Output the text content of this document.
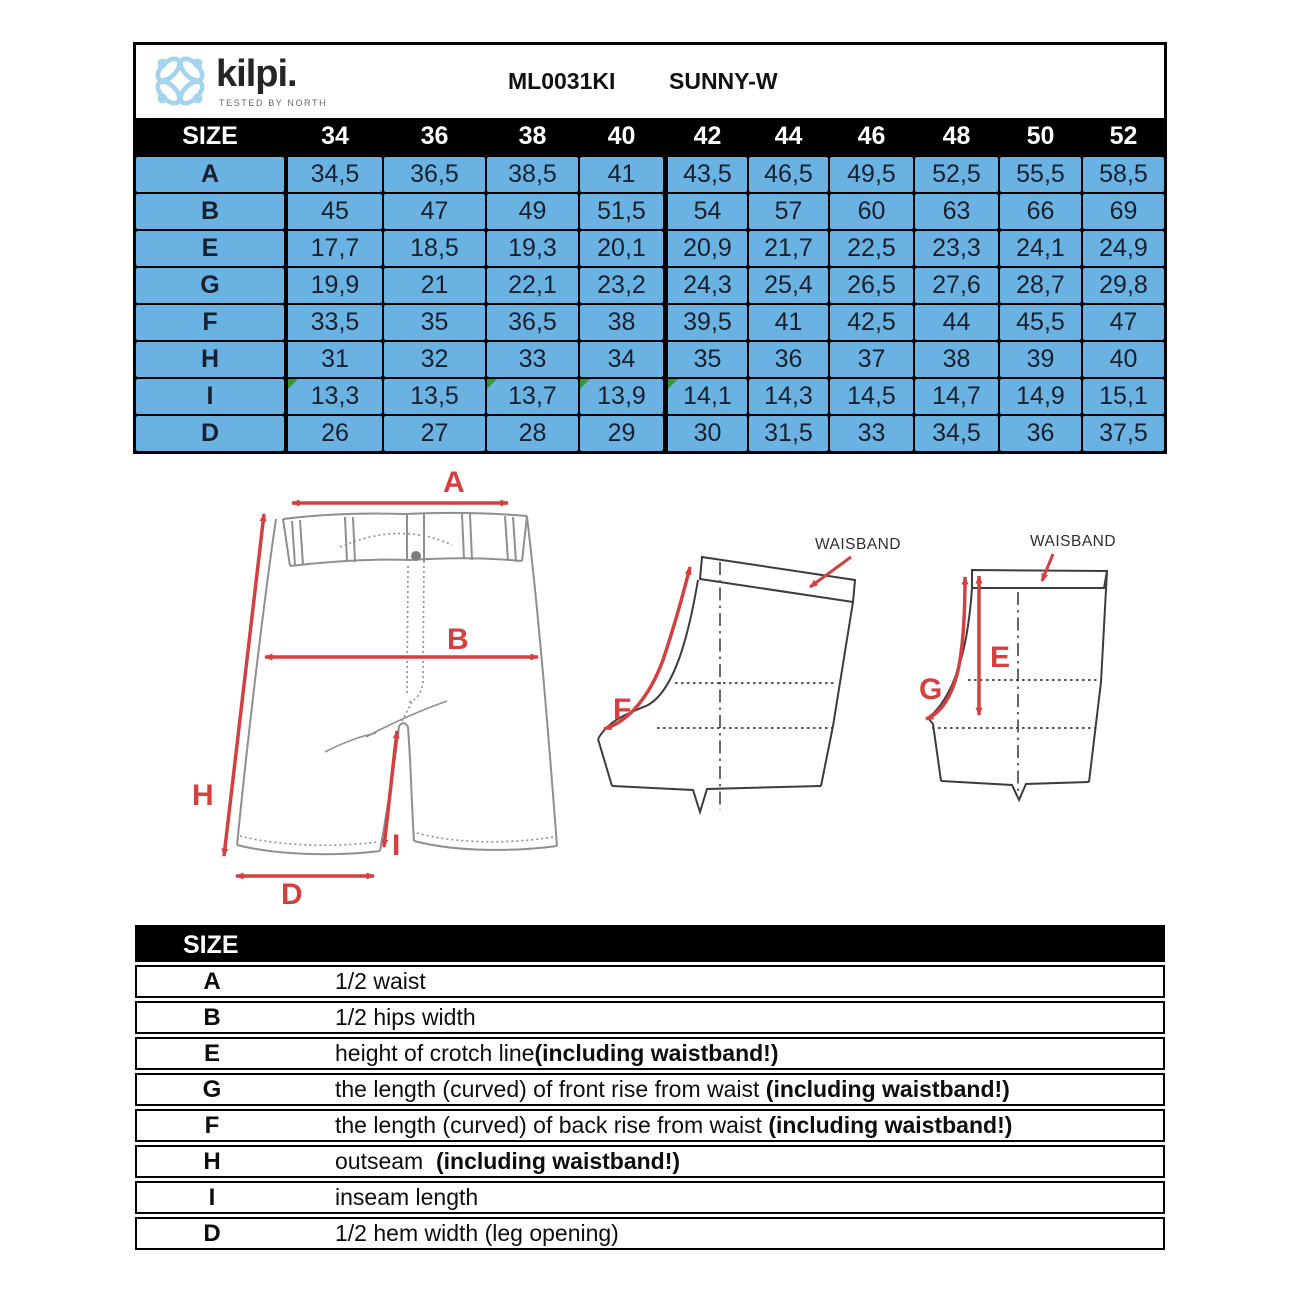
kilpi.
TESTED BY NORTH
ML0031KI SUNNY-W
SIZE	34	36	38	40	42	44	46	48	50	52
A	34,5	36,5	38,5	41	43,5	46,5	49,5	52,5	55,5	58,5
B	45	47	49	51,5	54	57	60	63	66	69
E	17,7	18,5	19,3	20,1	20,9	21,7	22,5	23,3	24,1	24,9
G	19,9	21	22,1	23,2	24,3	25,4	26,5	27,6	28,7	29,8
F	33,5	35	36,5	38	39,5	41	42,5	44	45,5	47
H	31	32	33	34	35	36	37	38	39	40
I	13,3	13,5	13,7	13,9	14,1	14,3	14,5	14,7	14,9	15,1
D	26	27	28	29	30	31,5	33	34,5	36	37,5
A
B
H
I
D
F
WAISBAND
E
G
WAISBAND
SIZE
A	1/2 waist
B	1/2 hips width
E	height of crotch line(including waistband!)
G	the length (curved) of front rise from waist (including waistband!)
F	the length (curved) of back rise from waist (including waistband!)
H	outseam  (including waistband!)
I	inseam length
D	1/2 hem width (leg opening)
